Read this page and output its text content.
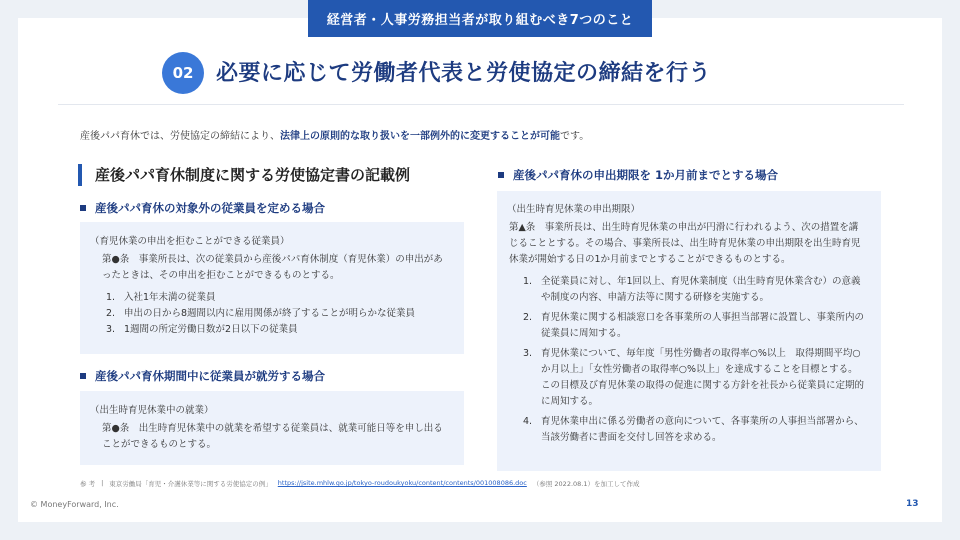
経営者・人事労務担当者が取り組むべき7つのこと
02	必要に応じて労働者代表と労使協定の締結を行う
産後パパ育休では、労使協定の締結により、法律上の原則的な取り扱いを一部例外的に変更することが可能です。
産後パパ育休制度に関する労使協定書の記載例
産後パパ育休の対象外の従業員を定める場合
（育児休業の申出を拒むことができる従業員）
第●条　事業所長は、次の従業員から産後パパ育休制度（育児休業）の申出があったときは、その申出を拒むことができるものとする。
1. 入社1年未満の従業員
2. 申出の日から8週間以内に雇用関係が終了することが明らかな従業員
3. 1週間の所定労働日数が2日以下の従業員
産後パパ育休期間中に従業員が就労する場合
（出生時育児休業中の就業）
第●条　出生時育児休業中の就業を希望する従業員は、就業可能日等を申し出ることができるものとする。
産後パパ育休の申出期限を 1か月前までとする場合
（出生時育児休業の申出期限）
第▲条　事業所長は、出生時育児休業の申出が円滑に行われるよう、次の措置を講じることとする。その場合、事業所長は、出生時育児休業の申出期限を出生時育児休業が開始する日の1か月前までとすることができるものとする。
1. 全従業員に対し、年1回以上、育児休業制度（出生時育児休業含む）の意義や制度の内容、申請方法等に関する研修を実施する。
2. 育児休業に関する相談窓口を各事業所の人事担当部署に設置し、事業所内の従業員に周知する。
3. 育児休業について、毎年度「男性労働者の取得率○%以上　取得期間平均○か月以上」「女性労働者の取得率○%以上」を達成することを目標とする。この目標及び育児休業の取得の促進に関する方針を社長から従業員に定期的に周知する。
4. 育児休業申出に係る労働者の意向について、各事業所の人事担当部署から、当該労働者に書面を交付し回答を求める。
参 考 | 東京労働局「育児・介護休業等に関する労使協定の例」 https://jsite.mhlw.go.jp/tokyo-roudoukyoku/content/contents/001008086.doc （参照 2022.08.1）を加工して作成
© MoneyForward, Inc.	13
